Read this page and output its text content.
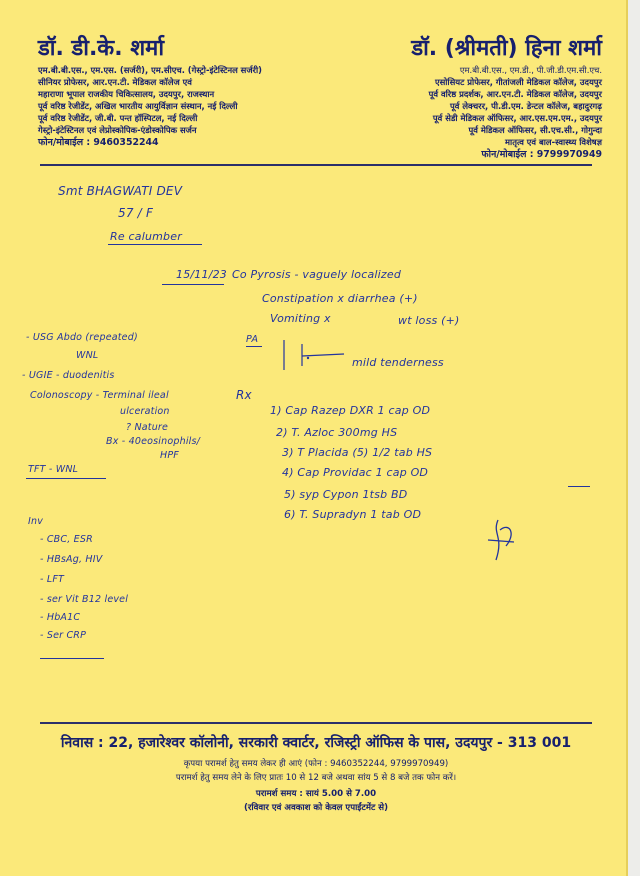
डॉ. डी.के. शर्मा
एम.बी.बी.एस., एम.एस. (सर्जरी), एम.सीएच. (गेस्ट्रो-इंटेस्टिनल सर्जरी)
सीनियर प्रोफेसर, आर.एन.टी. मेडिकल कॉलेज एवं
महाराणा भूपाल राजकीय चिकित्सालय, उदयपुर, राजस्थान
पूर्व वरिष्ठ रेजीडेंट, अखिल भारतीय आयुर्विज्ञान संस्थान, नई दिल्ली
पूर्व वरिष्ठ रेजीडेंट, जी.बी. पन्त हॉस्पिटल, नई दिल्ली
गेस्ट्रो-इंटेस्टिनल एवं लेप्रोस्कोपिक-एंडोस्कोपिक सर्जन
फोन/मोबाईल : 9460352244
डॉ. (श्रीमती) हिना शर्मा
एम.बी.बी.एस., एम.डी., पी.जी.डी.एम.सी.एच.
एसोसियट प्रोफेसर, गीतांजली मेडिकल कॉलेज, उदयपुर
पूर्व वरिष्ठ प्रदर्शक, आर.एन.टी. मेडिकल कॉलेज, उदयपुर
पूर्व लेक्चरर, पी.डी.एम. डेन्टल कॉलेज, बहादुरगढ़
पूर्व सेडी मेडिकल ऑफिसर, आर.एस.एम.एम., उदयपुर
पूर्व मेडिकल ऑफिसर, सी.एच.सी., गोगुन्दा
मातृत्व एवं बाल-स्वास्थ्य विशेषज्ञ
फोन/मोबाईल : 9799970949
Smt BHAGWATI DEV
57 / F
Re calumber
15/11/23 Co Pyrosis - vaguely localized
Constipation x diarrhea (+)
Vomiting x	wt loss (+)
PA
mild tenderness
Rx
1) Cap Razep DXR 1 cap OD
2) T. Azloc 300mg HS
3) T Placida (5) 1/2 tab HS
4) Cap Providac 1 cap OD
5) syp Cypon 1tsb BD
6) T. Supradyn 1 tab OD
- USG Abdo (repeated)
WNL
- UGIE - duodenitis
Colonoscopy - Terminal ileal
ulceration
? Nature
Bx - 40eosinophils/
HPF
TFT - WNL
Inv
- CBC, ESR
- HBsAg, HIV
- LFT
- ser Vit B12 level
- HbA1C
- Ser CRP
निवास : 22, हजारेश्वर कॉलोनी, सरकारी क्वार्टर, रजिस्ट्री ऑफिस के पास, उदयपुर - 313 001
कृपया परामर्श हेतु समय लेकर ही आएं (फोन : 9460352244, 9799970949)
परामर्श हेतु समय लेने के लिए प्रातः 10 से 12 बजे अथवा सांय 5 से 8 बजे तक फोन करें।
परामर्श समय : सायं 5.00 से 7.00
(रविवार एवं अवकाश को केवल एपाईंटमेंट से)
